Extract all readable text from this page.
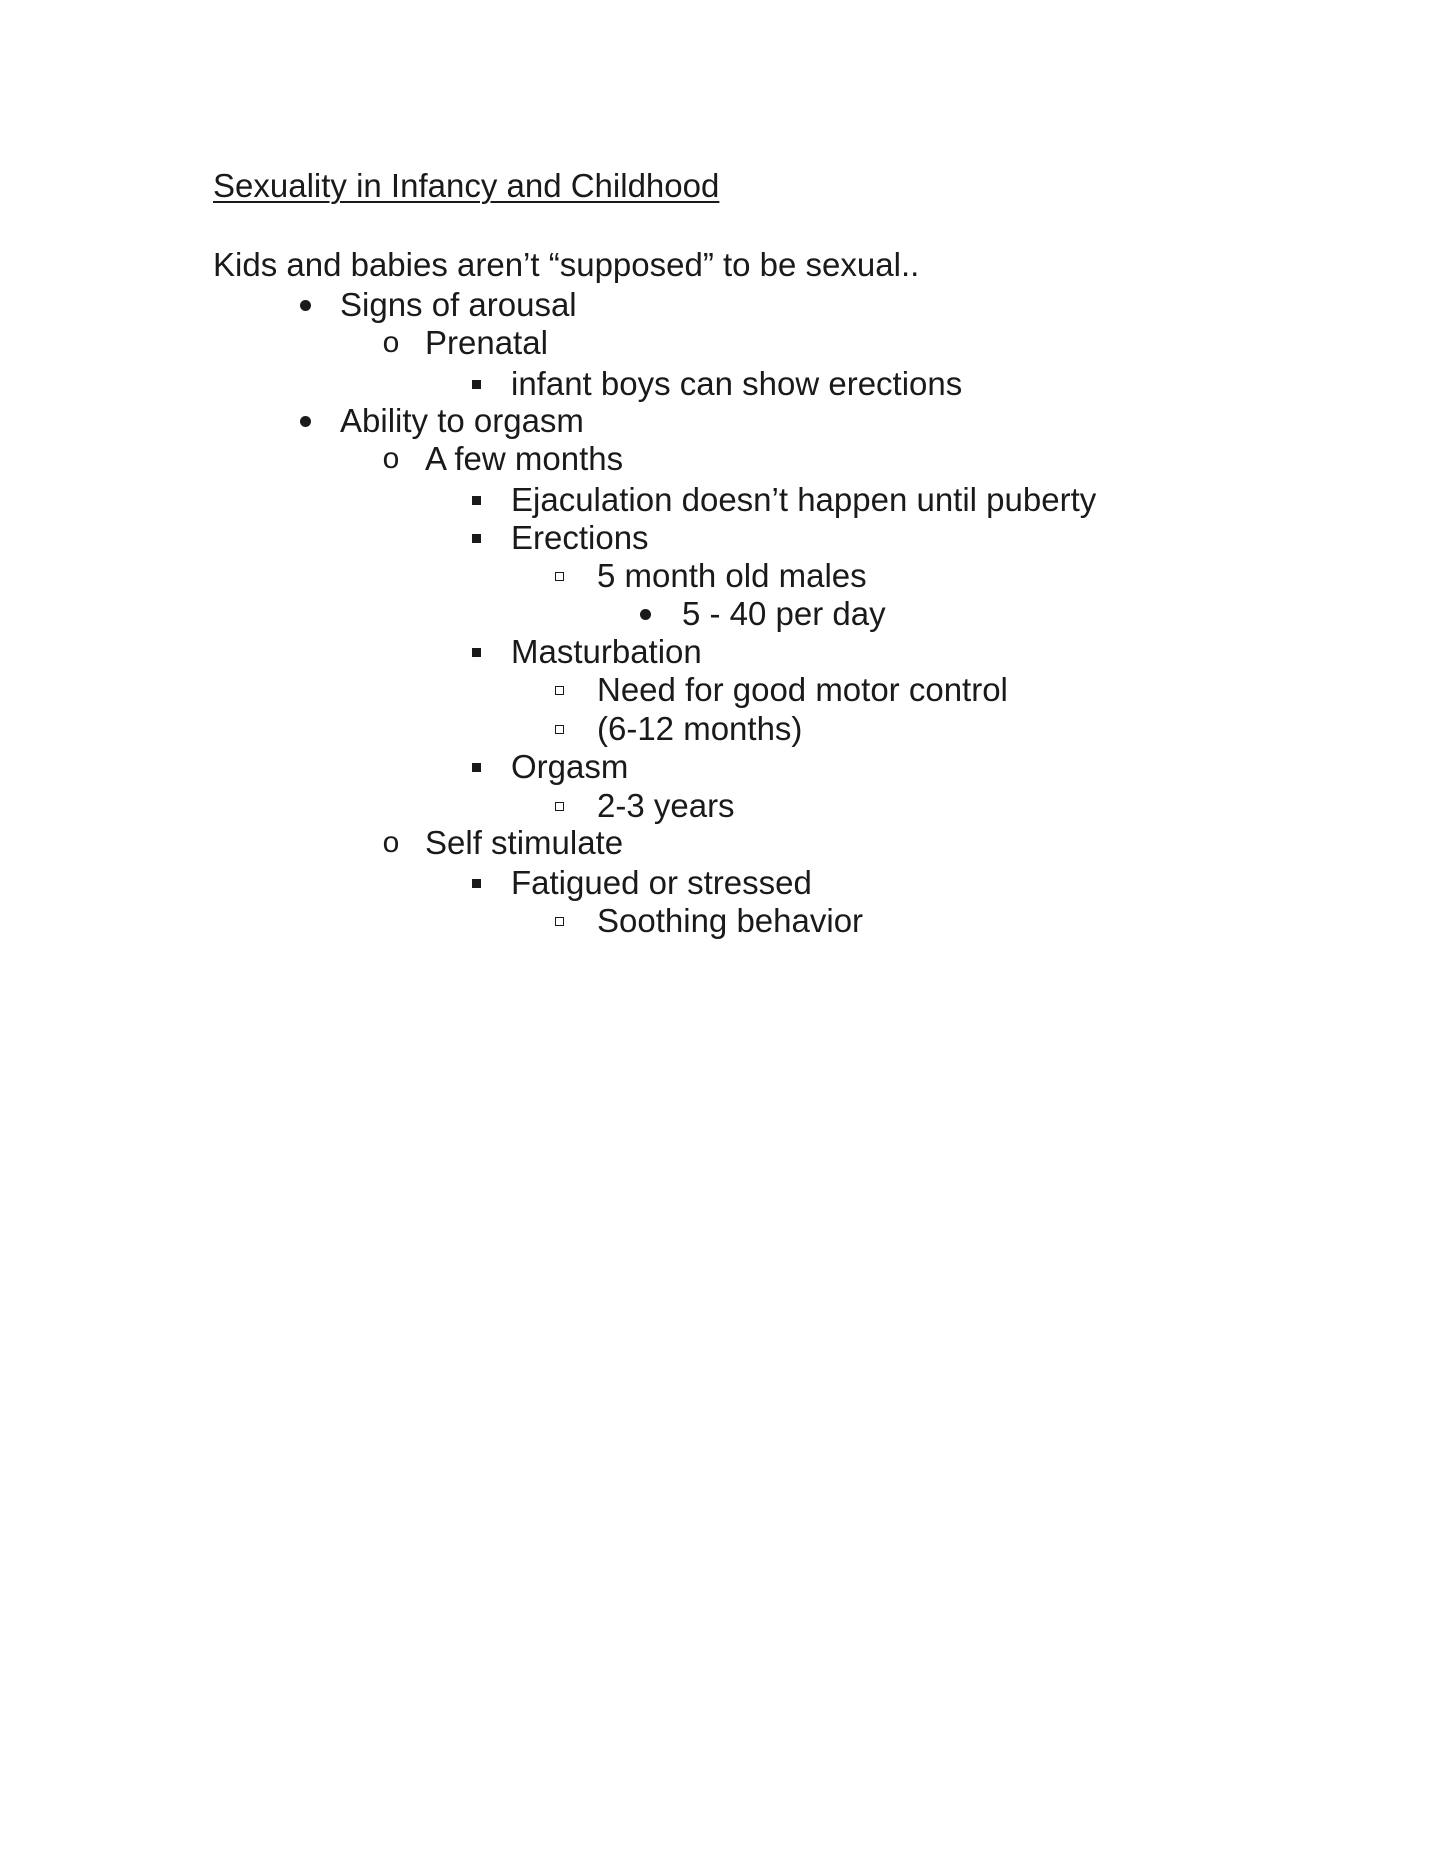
Sexuality in Infancy and Childhood
Kids and babies aren’t “supposed” to be sexual..
Signs of arousal
o Prenatal
infant boys can show erections
Ability to orgasm
o A few months
Ejaculation doesn’t happen until puberty
Erections
5 month old males
5 - 40 per day
Masturbation
Need for good motor control
(6-12 months)
Orgasm
2-3 years
o Self stimulate
Fatigued or stressed
Soothing behavior
